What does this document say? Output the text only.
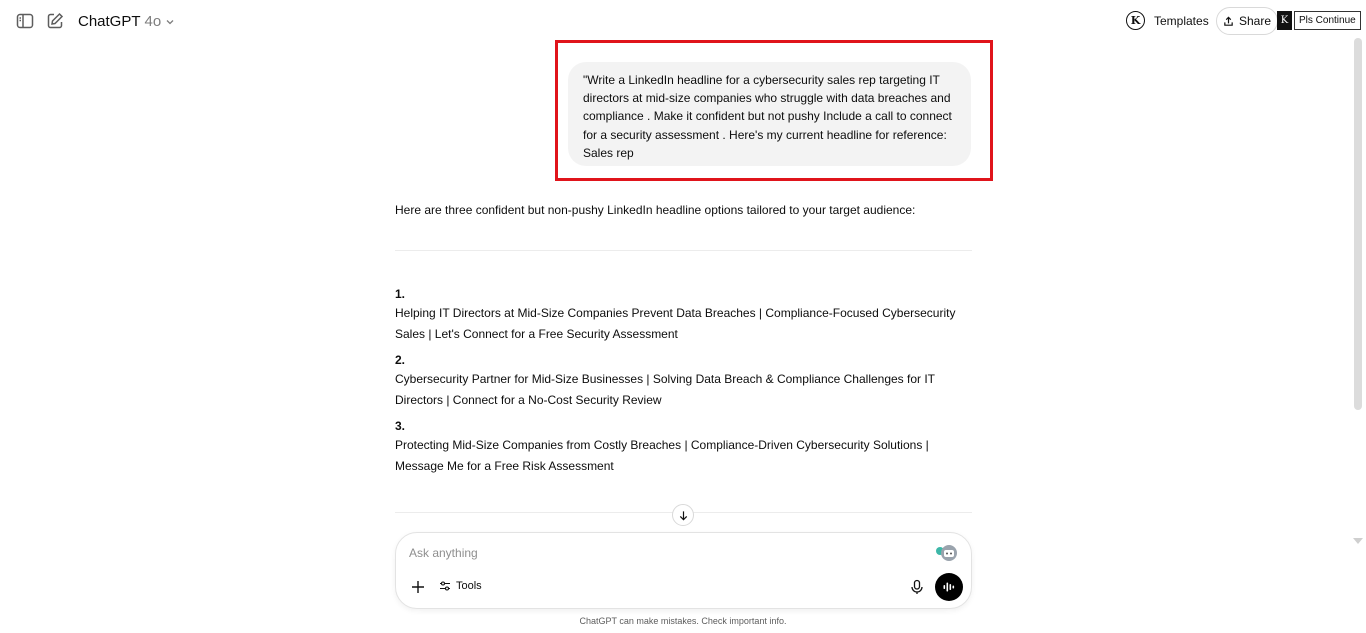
ChatGPT 4o	K	Templates	Share K	Pls Continue
"Write a LinkedIn headline for a cybersecurity sales rep targeting IT directors at mid-size companies who struggle with data breaches and compliance . Make it confident but not pushy Include a call to connect for a security assessment . Here's my current headline for reference: Sales rep
Here are three confident but non-pushy LinkedIn headline options tailored to your target audience:
1.
Helping IT Directors at Mid-Size Companies Prevent Data Breaches | Compliance-Focused Cybersecurity Sales | Let's Connect for a Free Security Assessment
2.
Cybersecurity Partner for Mid-Size Businesses | Solving Data Breach & Compliance Challenges for IT Directors | Connect for a No-Cost Security Review
3.
Protecting Mid-Size Companies from Costly Breaches | Compliance-Driven Cybersecurity Solutions | Message Me for a Free Risk Assessment
Ask anything
Tools
ChatGPT can make mistakes. Check important info.
